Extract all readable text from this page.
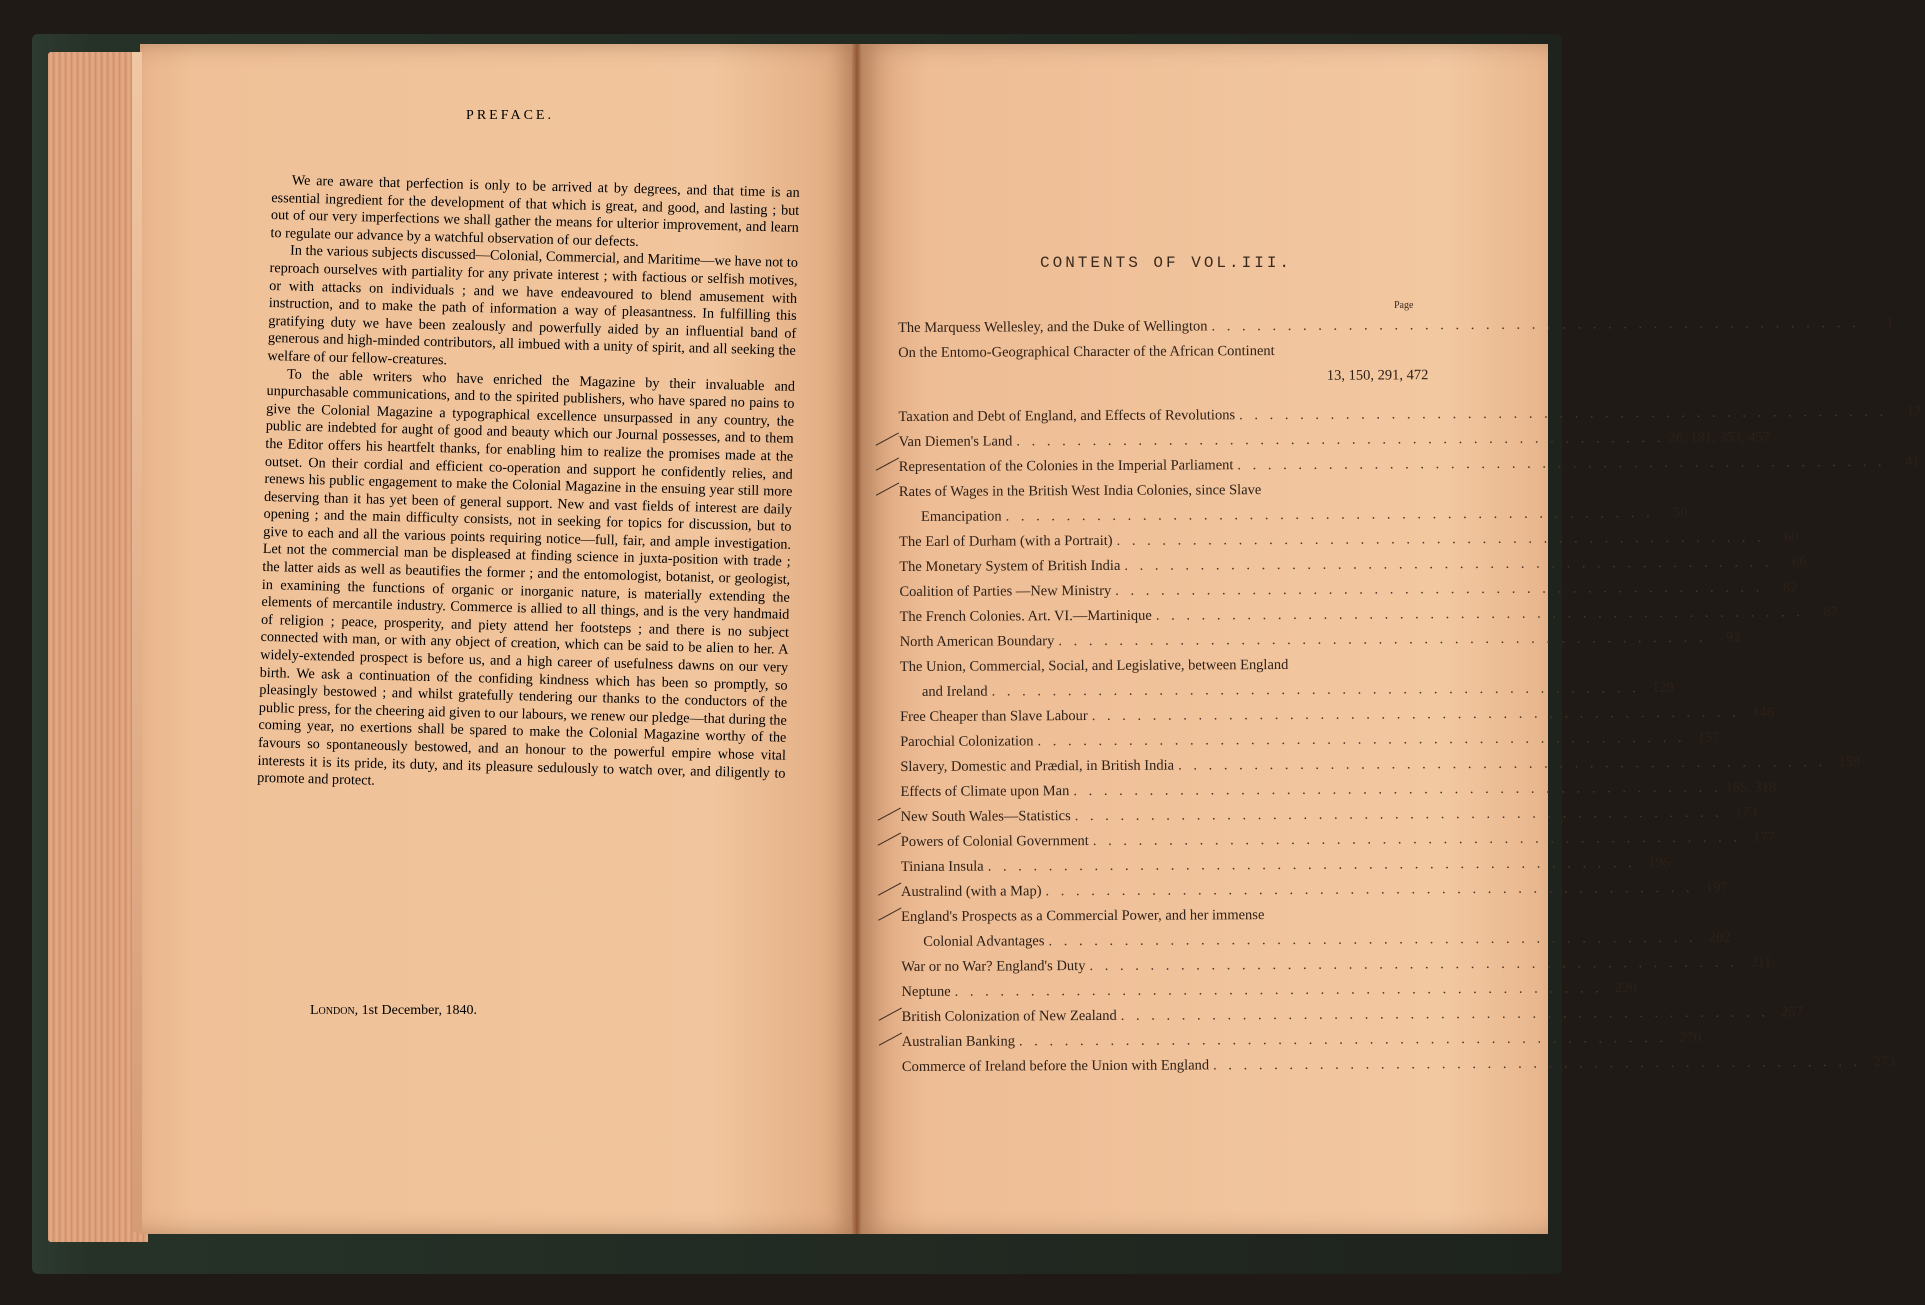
PREFACE.

We are aware that perfection is only to be arrived at by degrees, and that time is an essential ingredient for the development of that which is great, and good, and lasting ; but out of our very imperfections we shall gather the means for ulterior improvement, and learn to regulate our advance by a watchful observation of our defects.

In the various subjects discussed—Colonial, Commercial, and Maritime—we have not to reproach ourselves with partiality for any private interest ; with factious or selfish motives, or with attacks on individuals ; and we have endeavoured to blend amusement with instruction, and to make the path of information a way of pleasantness. In fulfilling this gratifying duty we have been zealously and powerfully aided by an influential band of generous and high-minded contributors, all imbued with a unity of spirit, and all seeking the welfare of our fellow-creatures.

To the able writers who have enriched the Magazine by their invaluable and unpurchasable communications, and to the spirited publishers, who have spared no pains to give the Colonial Magazine a typographical excellence unsurpassed in any country, the public are indebted for aught of good and beauty which our Journal possesses, and to them the Editor offers his heartfelt thanks, for enabling him to realize the promises made at the outset. On their cordial and efficient co-operation and support he confidently relies, and renews his public engagement to make the Colonial Magazine in the ensuing year still more deserving than it has yet been of general support. New and vast fields of interest are daily opening ; and the main difficulty consists, not in seeking for topics for discussion, but to give to each and all the various points requiring notice—full, fair, and ample investigation. Let not the commercial man be displeased at finding science in juxta-position with trade ; the latter aids as well as beautifies the former ; and the entomologist, botanist, or geologist, in examining the functions of organic or inorganic nature, is materially extending the elements of mercantile industry. Commerce is allied to all things, and is the very handmaid of religion ; peace, prosperity, and piety attend her footsteps ; and there is no subject connected with man, or with any object of creation, which can be said to be alien to her. A widely-extended prospect is before us, and a high career of usefulness dawns on our very birth. We ask a continuation of the confiding kindness which has been so promptly, so pleasingly bestowed ; and whilst gratefully tendering our thanks to the conductors of the public press, for the cheering aid given to our labours, we renew our pledge—that during the coming year, no exertions shall be spared to make the Colonial Magazine worthy of the favours so spontaneously bestowed, and an honour to the powerful empire whose vital interests it is its pride, its duty, and its pleasure sedulously to watch over, and diligently to promote and protect.

London, 1st December, 1840.
CONTENTS OF VOL.III.
Page
The Marquess Wellesley, and the Duke of Wellington . . . . . . . . . . . . . . . . . . . . . . . . . . . . . . . . . . . . . . . . . . .	1
On the Entomo-Geographical Character of the African Continent
13, 150, 291, 472
Taxation and Debt of England, and Effects of Revolutions . . . . . . . . . . . . . . . . . . . . . . . . . . . . . . . . . . . . . . . . . . .	17
Van Diemen's Land . . . . . . . . . . . . . . . . . . . . . . . . . . . . . . . . . . . . . . . . . . . 26, 181, 353, 457
Representation of the Colonies in the Imperial Parliament . . . . . . . . . . . . . . . . . . . . . . . . . . . . . . . . . . . . . . . . . . .	41
Rates of Wages in the British West India Colonies, since Slave
Emancipation . . . . . . . . . . . . . . . . . . . . . . . . . . . . . . . . . . . . . . . . . . .	50
The Earl of Durham (with a Portrait) . . . . . . . . . . . . . . . . . . . . . . . . . . . . . . . . . . . . . . . . . . .	60
The Monetary System of British India . . . . . . . . . . . . . . . . . . . . . . . . . . . . . . . . . . . . . . . . . . .	66
Coalition of Parties —New Ministry . . . . . . . . . . . . . . . . . . . . . . . . . . . . . . . . . . . . . . . . . . .	82
The French Colonies. Art. VI.—Martinique . . . . . . . . . . . . . . . . . . . . . . . . . . . . . . . . . . . . . . . . . . .	87
North American Boundary . . . . . . . . . . . . . . . . . . . . . . . . . . . . . . . . . . . . . . . . . . .	92
The Union, Commercial, Social, and Legislative, between England
and Ireland . . . . . . . . . . . . . . . . . . . . . . . . . . . . . . . . . . . . . . . . . . . 129
Free Cheaper than Slave Labour . . . . . . . . . . . . . . . . . . . . . . . . . . . . . . . . . . . . . . . . . . . 146
Parochial Colonization . . . . . . . . . . . . . . . . . . . . . . . . . . . . . . . . . . . . . . . . . . . 157
Slavery, Domestic and Prædial, in British India . . . . . . . . . . . . . . . . . . . . . . . . . . . . . . . . . . . . . . . . . . . 159
Effects of Climate upon Man . . . . . . . . . . . . . . . . . . . . . . . . . . . . . . . . . . . . . . . . . . . 165, 318
New South Wales—Statistics . . . . . . . . . . . . . . . . . . . . . . . . . . . . . . . . . . . . . . . . . . . 173
Powers of Colonial Government . . . . . . . . . . . . . . . . . . . . . . . . . . . . . . . . . . . . . . . . . . . 177
Tiniana Insula . . . . . . . . . . . . . . . . . . . . . . . . . . . . . . . . . . . . . . . . . . . 196
Australind (with a Map) . . . . . . . . . . . . . . . . . . . . . . . . . . . . . . . . . . . . . . . . . . . 197
England's Prospects as a Commercial Power, and her immense
Colonial Advantages . . . . . . . . . . . . . . . . . . . . . . . . . . . . . . . . . . . . . . . . . . . 202
War or no War? England's Duty . . . . . . . . . . . . . . . . . . . . . . . . . . . . . . . . . . . . . . . . . . . 211
Neptune . . . . . . . . . . . . . . . . . . . . . . . . . . . . . . . . . . . . . . . . . . . 220
British Colonization of New Zealand . . . . . . . . . . . . . . . . . . . . . . . . . . . . . . . . . . . . . . . . . . . 257
Australian Banking . . . . . . . . . . . . . . . . . . . . . . . . . . . . . . . . . . . . . . . . . . . 270
Commerce of Ireland before the Union with England . . . . . . . . . . . . . . . . . . . . . . . . . . . . . . . . . . . . . . . . . . . 273
